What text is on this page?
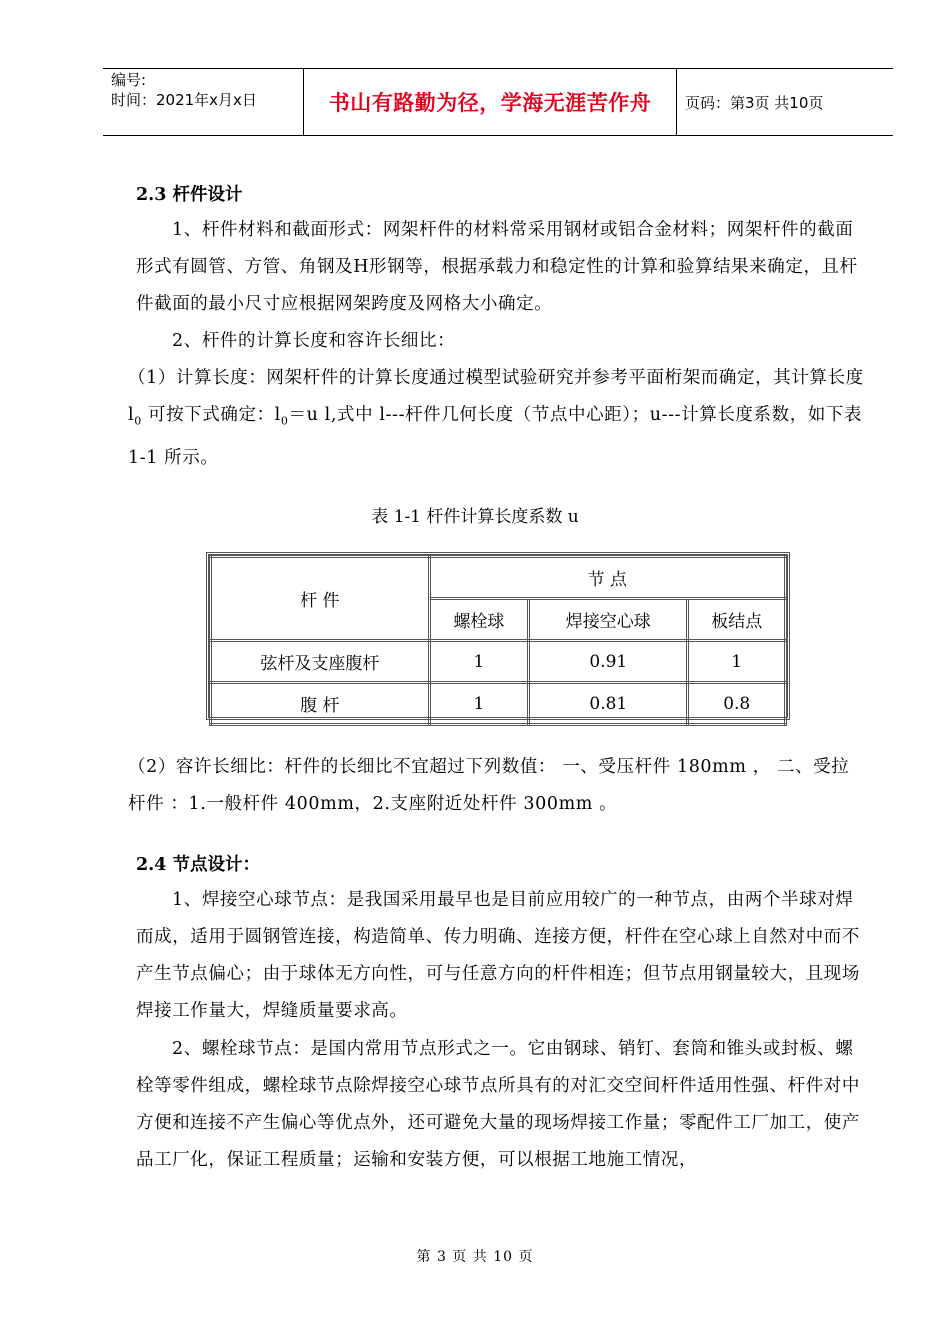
编号:
时间：2021年x月x日	书山有路勤为径，学海无涯苦作舟	页码：第3页 共10页
2.3 杆件设计
1、杆件材料和截面形式：网架杆件的材料常采用钢材或铝合金材料；网架杆件的截面形式有圆管、方管、角钢及H形钢等，根据承载力和稳定性的计算和验算结果来确定，且杆件截面的最小尺寸应根据网架跨度及网格大小确定。
2、杆件的计算长度和容许长细比：
（1）计算长度：网架杆件的计算长度通过模型试验研究并参考平面桁架而确定，其计算长度 $l_0$ 可按下式确定：$l_0=u$ l,式中 l---杆件几何长度（节点中心距）；u---计算长度系数，如下表 1-1 所示。
表 1-1 杆件计算长度系数 u
杆 件	节 点		
	螺栓球	焊接空心球	板结点
弦杆及支座腹杆	1	0.91	1
腹 杆	1	0.81	0.8
（2）容许长细比：杆件的长细比不宜超过下列数值： 一、受压杆件 180mm ， 二、受拉杆件 ：1.一般杆件 400mm，2.支座附近处杆件 300mm 。
2.4 节点设计：
1、焊接空心球节点：是我国采用最早也是目前应用较广的一种节点，由两个半球对焊而成，适用于圆钢管连接，构造简单、传力明确、连接方便，杆件在空心球上自然对中而不产生节点偏心；由于球体无方向性，可与任意方向的杆件相连；但节点用钢量较大，且现场焊接工作量大，焊缝质量要求高。
2、螺栓球节点：是国内常用节点形式之一。它由钢球、销钉、套筒和锥头或封板、螺栓等零件组成，螺栓球节点除焊接空心球节点所具有的对汇交空间杆件适用性强、杆件对中方便和连接不产生偏心等优点外，还可避免大量的现场焊接工作量；零配件工厂加工，使产品工厂化，保证工程质量；运输和安装方便，可以根据工地施工情况，
第 3 页 共 10 页
